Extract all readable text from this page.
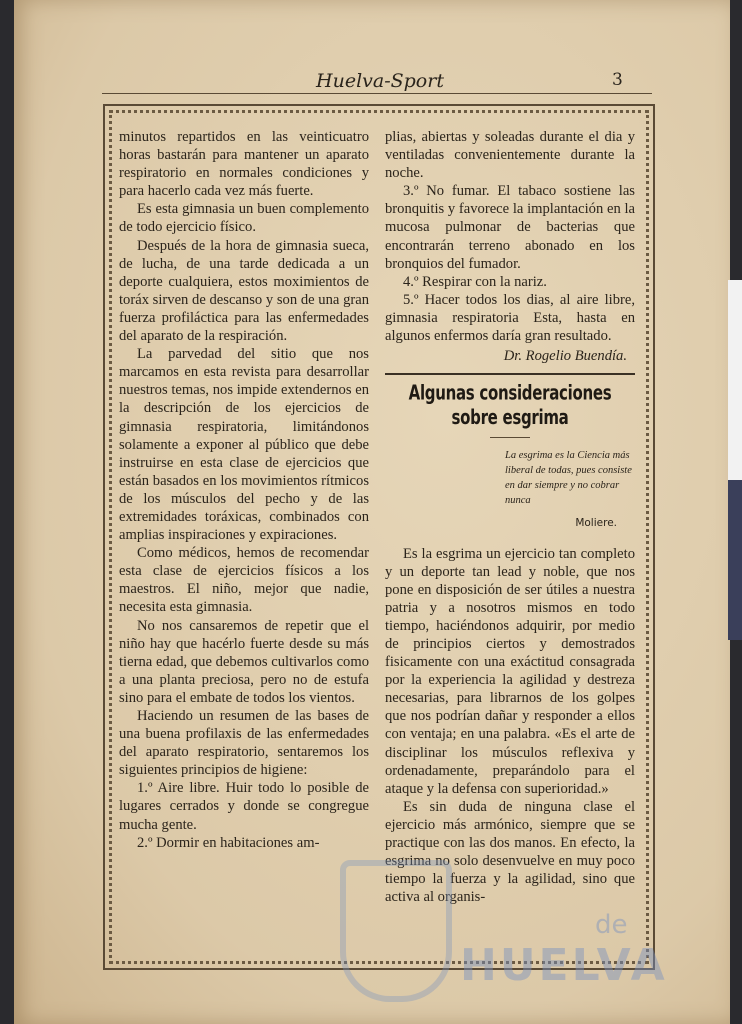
Huelva-Sport	3

minutos repartidos en las veinticuatro horas bastarán para mantener un aparato respiratorio en normales condiciones y para hacerlo cada vez más fuerte.

Es esta gimnasia un buen complemento de todo ejercicio físico.

Después de la hora de gimnasia sueca, de lucha, de una tarde dedicada a un deporte cualquiera, estos moximientos de toráx sirven de descanso y son de una gran fuerza profiláctica para las enfermedades del aparato de la respiración.

La parvedad del sitio que nos marcamos en esta revista para desarrollar nuestros temas, nos impide extendernos en la descripción de los ejercicios de gimnasia respiratoria, limitándonos solamente a exponer al público que debe instruirse en esta clase de ejercicios que están basados en los movimientos rítmicos de los músculos del pecho y de las extremidades toráxicas, combinados con amplias inspiraciones y expiraciones.

Como médicos, hemos de recomendar esta clase de ejercicios físicos a los maestros. El niño, mejor que nadie, necesita esta gimnasia.

No nos cansaremos de repetir que el niño hay que hacérlo fuerte desde su más tierna edad, que debemos cultivarlos como a una planta preciosa, pero no de estufa sino para el embate de todos los vientos.

Haciendo un resumen de las bases de una buena profilaxis de las enfermedades del aparato respiratorio, sentaremos los siguientes principios de higiene:

1.º Aire libre. Huir todo lo posible de lugares cerrados y donde se congregue mucha gente.

2.º Dormir en habitaciones am-

plias, abiertas y soleadas durante el dia y ventiladas convenientemente durante la noche.

3.º No fumar. El tabaco sostiene las bronquitis y favorece la implantación en la mucosa pulmonar de bacterias que encontrarán terreno abonado en los bronquios del fumador.

4.º Respirar con la nariz.

5.º Hacer todos los dias, al aire libre, gimnasia respiratoria Esta, hasta en algunos enfermos daría gran resultado.

Dr. Rogelio Buendía.
Algunas consideraciones sobre esgrima
La esgrima es la Ciencia más liberal de todas, pues consiste en dar siempre y no cobrar nunca
Moliere.

Es la esgrima un ejercicio tan completo y un deporte tan lead y noble, que nos pone en disposición de ser útiles a nuestra patria y a nosotros mismos en todo tiempo, haciéndonos adquirir, por medio de principios ciertos y demostrados fisicamente con una exáctitud consagrada por la experiencia la agilidad y destreza necesarias, para librarnos de los golpes que nos podrían dañar y responder a ellos con ventaja; en una palabra. «Es el arte de disciplinar los músculos reflexiva y ordenadamente, preparándolo para el ataque y la defensa con superioridad.»

Es sin duda de ninguna clase el ejercicio más armónico, siempre que se practique con las dos manos. En efecto, la esgrima no solo desenvuelve en muy poco tiempo la fuerza y la agilidad, sino que activa al organis-

de
HUELVA
